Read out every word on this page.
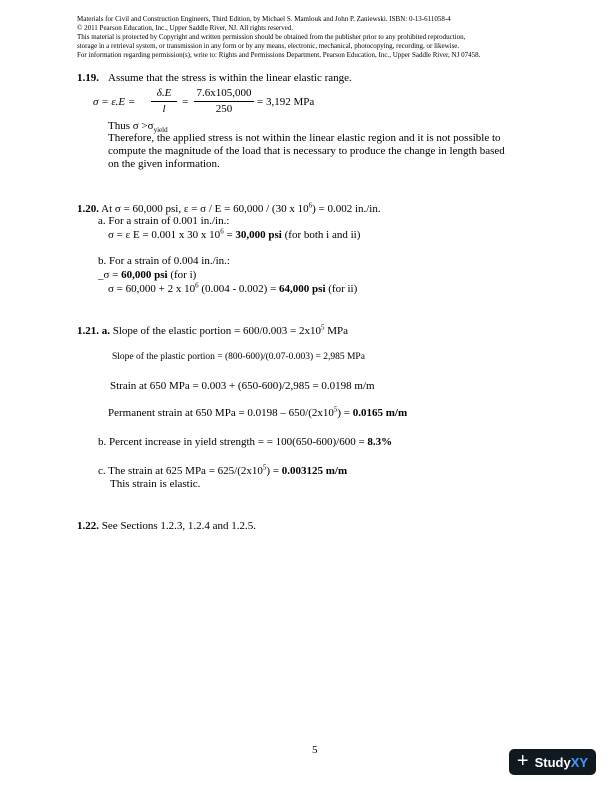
Materials for Civil and Construction Engineers, Third Edition, by Michael S. Mamlouk and John P. Zaniewski. ISBN: 0-13-611058-4
© 2011 Pearson Education, Inc., Upper Saddle River, NJ. All rights reserved.
This material is protected by Copyright and written permission should be obtained from the publisher prior to any prohibited reproduction,
storage in a retrieval system, or transmission in any form or by any means, electronic, mechanical, photocopying, recording, or likewise.
For information regarding permission(s), write to: Rights and Permissions Department, Pearson Education, Inc., Upper Saddle River, NJ 07458.
1.19. Assume that the stress is within the linear elastic range.
σ = ε.E =
δ.E
l
=
7.6x105,000
250
= 3,192 MPa
Thus $\sigma >\sigma_{yield}$
Therefore, the applied stress is not within the linear elastic region and it is not possible to
compute the magnitude of the load that is necessary to produce the change in length based
on the given information.
1.20. At σ = 60,000 psi, ε = σ / E = 60,000 / (30 x $10^6) = 0.002$ in./in.
a. For a strain of 0.001 in./in.:
σ = ε E = 0.001 x 30 x $10^6 = 30,000$ psi (for both i and ii)
b. For a strain of 0.004 in./in.:
_σ = 60,000 psi (for i)
σ = 60,000 + 2 x $10^6$ (0.004 - 0.002) = 64,000 psi (for ii)
1.21. a. Slope of the elastic portion = $600/0.003 = 2x10^5$ MPa
Slope of the plastic portion = (800-600)/(0.07-0.003) = 2,985 MPa
Strain at 650 MPa = 0.003 + (650-600)/2,985 = 0.0198 m/m
Permanent strain at 650 MPa = $0.0198 - 650/(2x10^5) = 0.0165$ m/m
b. Percent increase in yield strength = = 100(650-600)/600 = 8.3%
c. The strain at 625 MPa = $625/(2x10^5) = 0.003125$ m/m
This strain is elastic.
1.22. See Sections 1.2.3, 1.2.4 and 1.2.5.
5	+ StudyXY
